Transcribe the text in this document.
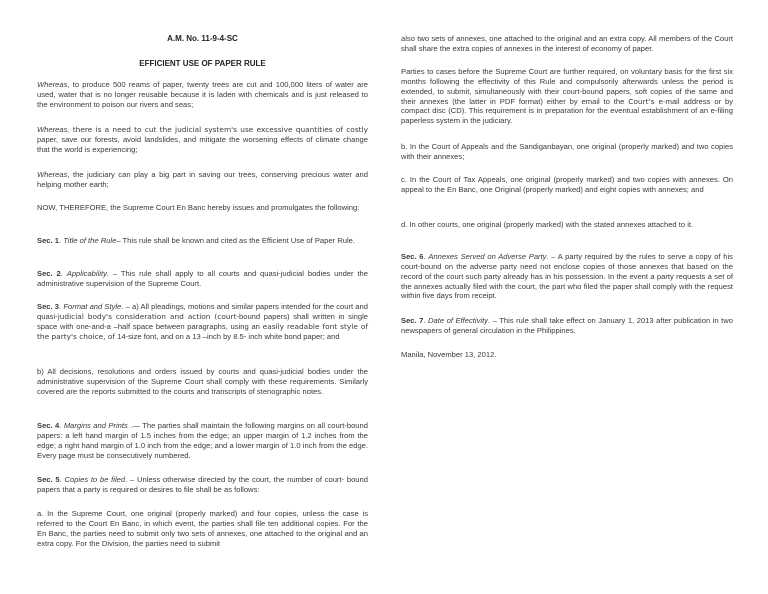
A.M. No. 11-9-4-SC

EFFICIENT USE OF PAPER RULE

Whereas, to produce 500 reams of paper, twenty trees are cut and 100,000 liters of water are used, water that is no longer reusable because it is laden with chemicals and is just released to the environment to poison our rivers and seas;

Whereas, there is a need to cut the judicial system's use excessive quantities of costly paper, save our forests, avoid landslides, and mitigate the worsening effects of climate change that the world is experiencing;

Whereas, the judiciary can play a big part in saving our trees, conserving precious water and helping mother earth;

NOW, THEREFORE, the Supreme Court En Banc hereby issues and promulgates the following:

Sec. 1. Title of the Rule– This rule shall be known and cited as the Efficient Use of Paper Rule.

Sec. 2. Applicability. – This rule shall apply to all courts and quasi-judicial bodies under the administrative supervision of the Supreme Court.

Sec. 3. Format and Style. – a) All pleadings, motions and similar papers intended for the court and quasi-judicial body's consideration and action (court-bound papers) shall written in single space with one-and-a –half space between paragraphs, using an easily readable font style of the party's choice, of 14-size font, and on a 13 –inch by 8.5- inch white bond paper; and

b) All decisions, resolutions and orders issued by courts and quasi-judicial bodies under the administrative supervision of the Supreme Court shall comply with these requirements. Similarly covered are the reports submitted to the courts and transcripts of stenographic notes.

Sec. 4. Margins and Prints .— The parties shall maintain the following margins on all court-bound papers: a left hand margin of 1.5 inches from the edge; an upper margin of 1.2 inches from the edge; a right hand margin of 1.0 inch from the edge; and a lower margin of 1.0 inch from the edge. Every page must be consecutively numbered.

Sec. 5. Copies to be filed. – Unless otherwise directed by the court, the number of court- bound papers that a party is required or desires to file shall be as follows:

a. In the Supreme Court, one original (properly marked) and four copies, unless the case is referred to the Court En Banc, in which event, the parties shall file ten additional copies. For the En Banc, the parties need to submit only two sets of annexes, one attached to the original and an extra copy. For the Division, the parties need to submit

also two sets of annexes, one attached to the original and an extra copy. All members of the Court shall share the extra copies of annexes in the interest of economy of paper.

Parties to cases before the Supreme Court are further required, on voluntary basis for the first six months following the effectivity of this Rule and compulsorily afterwards unless the period is extended, to submit, simultaneously with their court-bound papers, soft copies of the same and their annexes (the latter in PDF format) either by email to the Court's e-mail address or by compact disc (CD). This requirement is in preparation for the eventual establishment of an e-filing paperless system in the judiciary.

b. In the Court of Appeals and the Sandiganbayan, one original (properly marked) and two copies with their annexes;

c. In the Court of Tax Appeals, one original (properly marked) and two copies with annexes. On appeal to the En Banc, one Original (properly marked) and eight copies with annexes; and

d. In other courts, one original (properly marked) with the stated annexes attached to it.

Sec. 6. Annexes Served on Adverse Party. – A party required by the rules to serve a copy of his court-bound on the adverse party need not enclose copies of those annexes that based on the record of the court such party already has in his possession. In the event a party requests a set of the annexes actually filed with the court, the part who filed the paper shall comply with the request within five days from receipt.

Sec. 7. Date of Effectivity. – This rule shall take effect on January 1, 2013 after publication in two newspapers of general circulation in the Philippines.

Manila, November 13, 2012.
